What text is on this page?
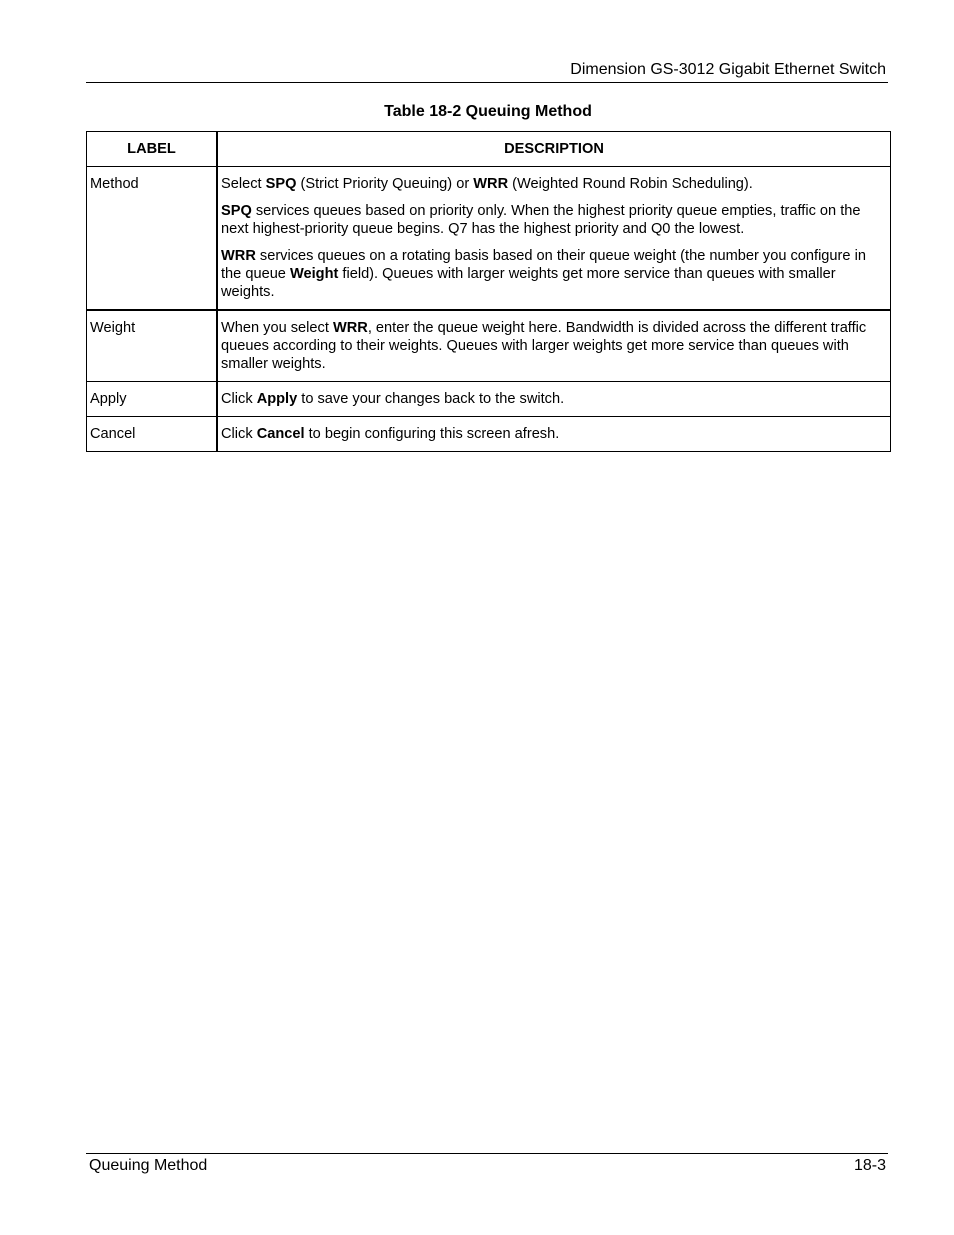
Dimension GS-3012 Gigabit Ethernet Switch
Table 18-2 Queuing Method
LABEL	DESCRIPTION
Method	Select SPQ (Strict Priority Queuing) or WRR (Weighted Round Robin Scheduling).

SPQ services queues based on priority only. When the highest priority queue empties, traffic on the next highest-priority queue begins. Q7 has the highest priority and Q0 the lowest.

WRR services queues on a rotating basis based on their queue weight (the number you configure in the queue Weight field). Queues with larger weights get more service than queues with smaller weights.

Weight	When you select WRR, enter the queue weight here. Bandwidth is divided across the different traffic queues according to their weights. Queues with larger weights get more service than queues with smaller weights.

Apply	Click Apply to save your changes back to the switch.

Cancel	Click Cancel to begin configuring this screen afresh.

Queuing Method	18-3
